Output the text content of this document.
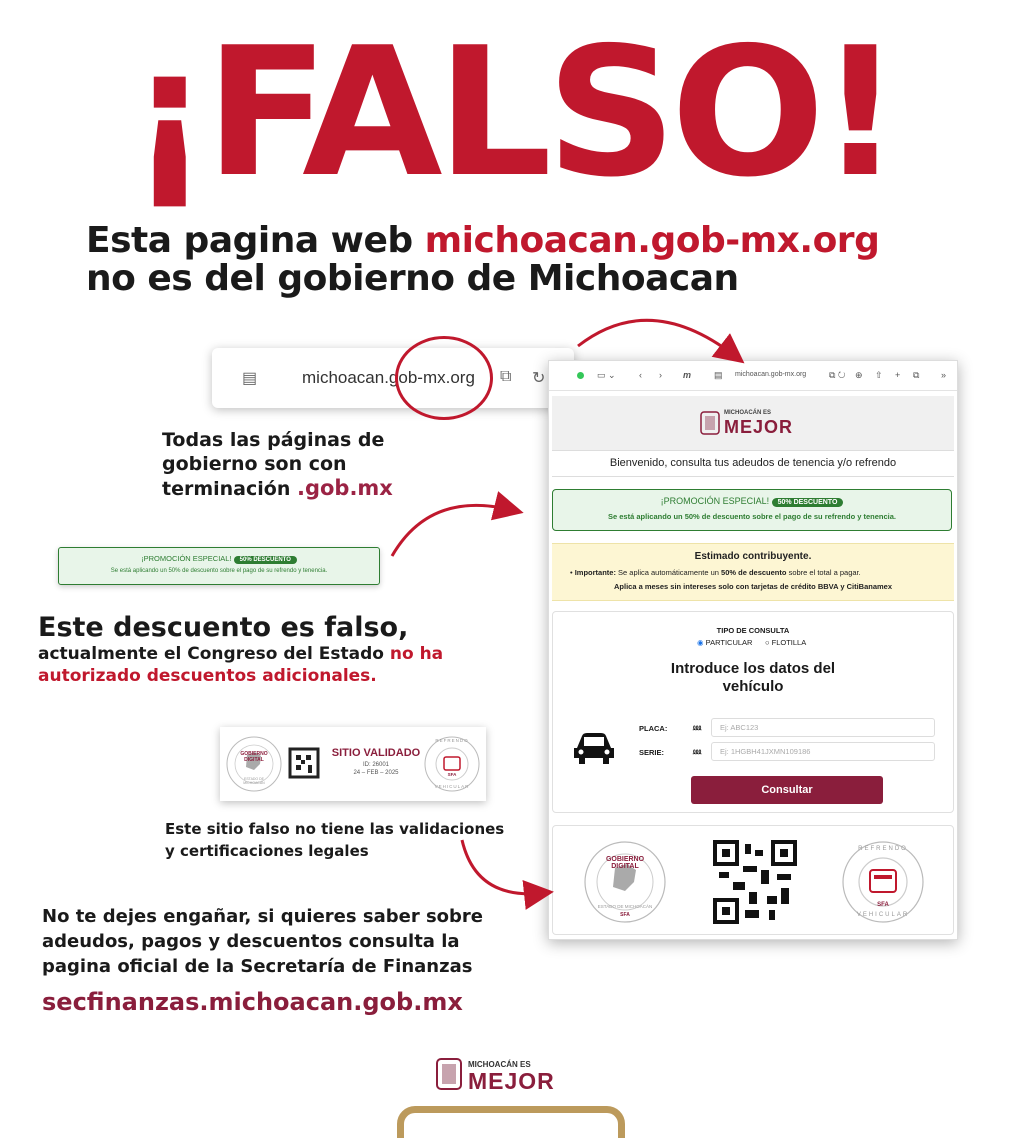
¡FALSO!
Esta pagina web michoacan.gob-mx.org
no es del gobierno de Michoacan
▤	michoacan.gob-mx.org ⧉ ↻
Todas las páginas de
gobierno son con
terminación .gob.mx
¡PROMOCIÓN ESPECIAL! 50% DESCUENTO
Se está aplicando un 50% de descuento sobre el pago de su refrendo y tenencia.
Este descuento es falso,
actualmente el Congreso del Estado no ha
autorizado descuentos adicionales.
GOBIERNO DIGITAL
ESTADO DE MICHOACÁN
SITIO VALIDADO
ID: 26001
24 – FEB – 2025
REFRENDO
SFA
VEHICULAR
Este sitio falso no tiene las validaciones
y certificaciones legales
No te dejes engañar, si quieres saber sobre
adeudos, pagos y descuentos consulta la
pagina oficial de la Secretaría de Finanzas
secfinanzas.michoacan.gob.mx
▭ ⌄	‹ › m	▤ michoacan.gob-mx.org	⧉ ↻ ⊕ ⇧ + ⧉ »
MICHOACÁN ES
MEJOR
Bienvenido, consulta tus adeudos de tenencia y/o refrendo
¡PROMOCIÓN ESPECIAL! 50% DESCUENTO
Se está aplicando un 50% de descuento sobre el pago de su refrendo y tenencia.
Estimado contribuyente.
• Importante: Se aplica automáticamente un 50% de descuento sobre el total a pagar.
Aplica a meses sin intereses solo con tarjetas de crédito BBVA y CitiBanamex
TIPO DE CONSULTA
◉ PARTICULAR ○ FLOTILLA
Introduce los datos del
vehículo
PLACA:	⅏	Ej: ABC123
SERIE:	⅏	Ej: 1HGBH41JXMN109186
Consultar
GOBIERNO DIGITAL
ESTADO DE MICHOACÁN
SFA
REFRENDO
SFA
VEHICULAR
MICHOACÁN ES
MEJOR
